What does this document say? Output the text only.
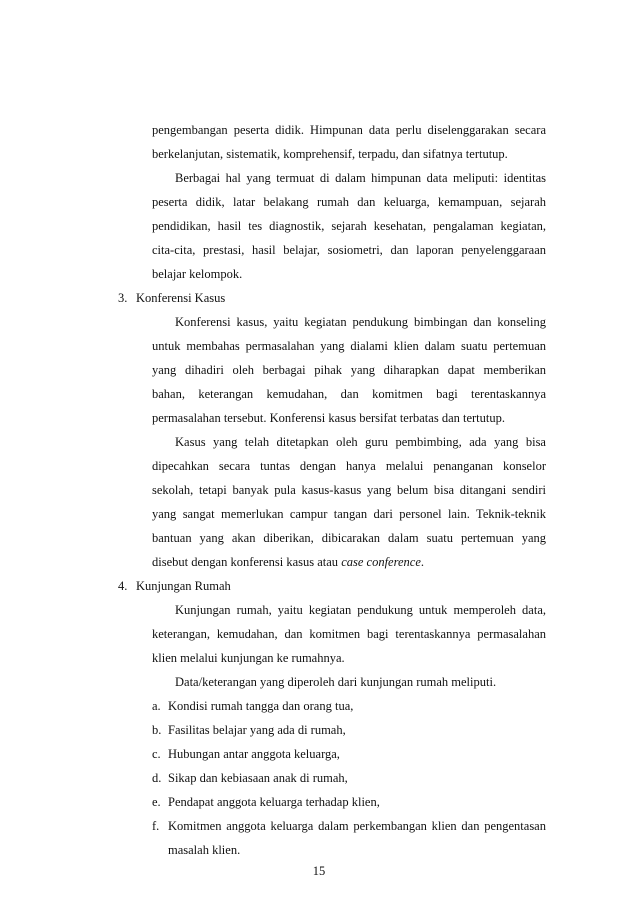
pengembangan peserta didik. Himpunan data perlu diselenggarakan secara
berkelanjutan, sistematik, komprehensif, terpadu, dan sifatnya tertutup.
Berbagai hal yang termuat di dalam himpunan data meliputi: identitas
peserta didik, latar belakang rumah dan keluarga, kemampuan, sejarah
pendidikan, hasil tes diagnostik, sejarah kesehatan, pengalaman kegiatan,
cita-cita, prestasi, hasil belajar, sosiometri, dan laporan penyelenggaraan
belajar kelompok.
3. Konferensi Kasus
Konferensi kasus, yaitu kegiatan pendukung bimbingan dan konseling
untuk membahas permasalahan yang dialami klien dalam suatu pertemuan
yang dihadiri oleh berbagai pihak yang diharapkan dapat memberikan
bahan, keterangan kemudahan, dan komitmen bagi terentaskannya
permasalahan tersebut. Konferensi kasus bersifat terbatas dan tertutup.
Kasus yang telah ditetapkan oleh guru pembimbing, ada yang bisa
dipecahkan secara tuntas dengan hanya melalui penanganan konselor
sekolah, tetapi banyak pula kasus-kasus yang belum bisa ditangani sendiri
yang sangat memerlukan campur tangan dari personel lain. Teknik-teknik
bantuan yang akan diberikan, dibicarakan dalam suatu pertemuan yang
disebut dengan konferensi kasus atau case conference.
4. Kunjungan Rumah
Kunjungan rumah, yaitu kegiatan pendukung untuk memperoleh data,
keterangan, kemudahan, dan komitmen bagi terentaskannya permasalahan
klien melalui kunjungan ke rumahnya.
Data/keterangan yang diperoleh dari kunjungan rumah meliputi.
a. Kondisi rumah tangga dan orang tua,
b. Fasilitas belajar yang ada di rumah,
c. Hubungan antar anggota keluarga,
d. Sikap dan kebiasaan anak di rumah,
e. Pendapat anggota keluarga terhadap klien,
f. Komitmen anggota keluarga dalam perkembangan klien dan pengentasan
masalah klien.
15
